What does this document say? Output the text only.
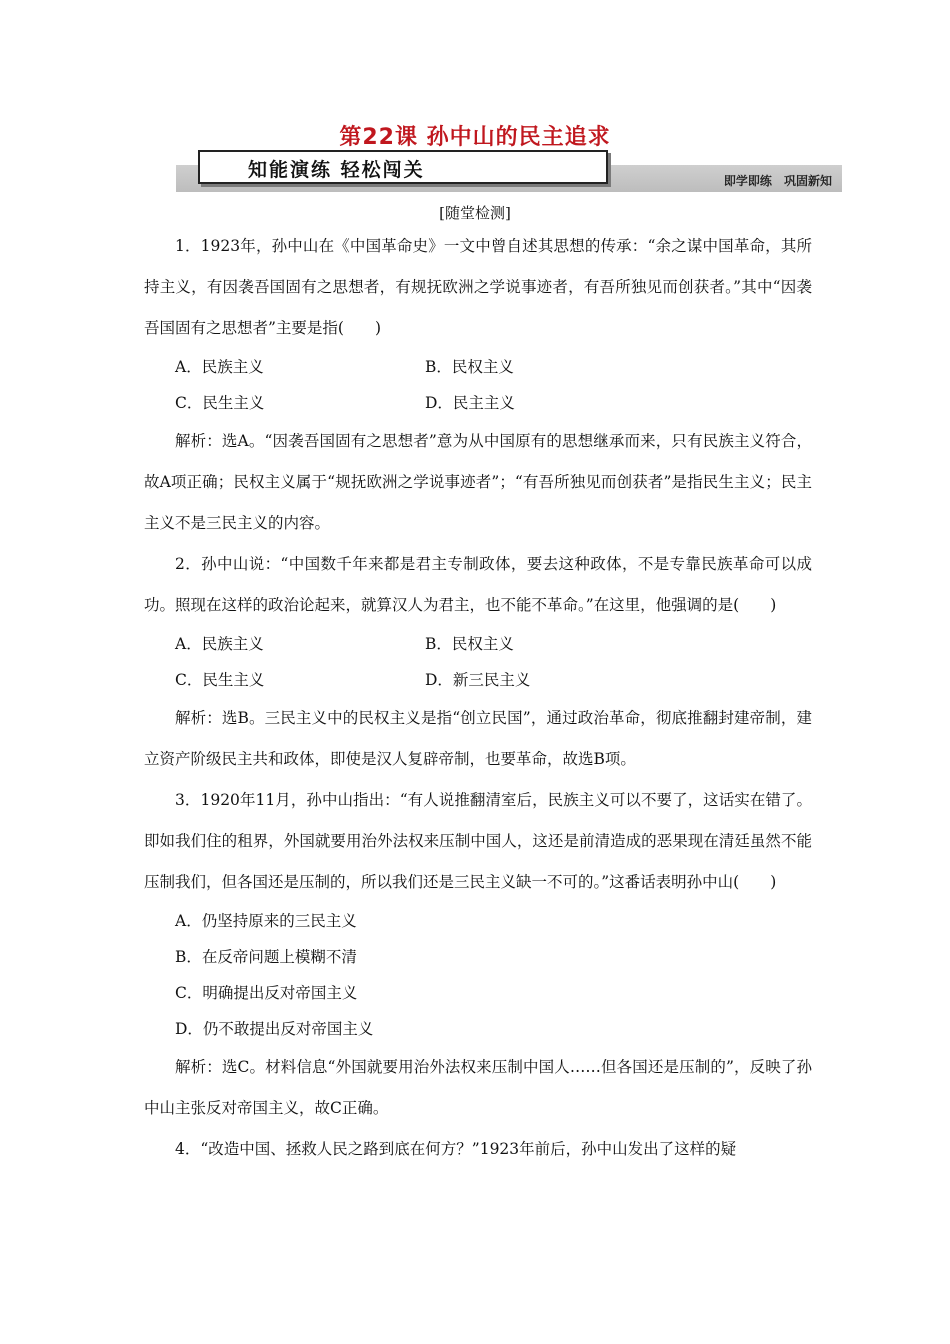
第22课 孙中山的民主追求
知能演练 轻松闯关	即学即练 巩固新知
[随堂检测]

1．1923年，孙中山在《中国革命史》一文中曾自述其思想的传承：“余之谋中国革命，其所持主义，有因袭吾国固有之思想者，有规抚欧洲之学说事迹者，有吾所独见而创获者。”其中“因袭吾国固有之思想者”主要是指(　　)

A．民族主义	B．民权主义
C．民生主义	D．民主主义

解析：选A。“因袭吾国固有之思想者”意为从中国原有的思想继承而来，只有民族主义符合，故A项正确；民权主义属于“规抚欧洲之学说事迹者”；“有吾所独见而创获者”是指民生主义；民主主义不是三民主义的内容。

2．孙中山说：“中国数千年来都是君主专制政体，要去这种政体，不是专靠民族革命可以成功。照现在这样的政治论起来，就算汉人为君主，也不能不革命。”在这里，他强调的是(　　)

A．民族主义	B．民权主义
C．民生主义	D．新三民主义

解析：选B。三民主义中的民权主义是指“创立民国”，通过政治革命，彻底推翻封建帝制，建立资产阶级民主共和政体，即使是汉人复辟帝制，也要革命，故选B项。

3．1920年11月，孙中山指出：“有人说推翻清室后，民族主义可以不要了，这话实在错了。即如我们住的租界，外国就要用治外法权来压制中国人，这还是前清造成的恶果现在清廷虽然不能压制我们，但各国还是压制的，所以我们还是三民主义缺一不可的。”这番话表明孙中山(　　)

A．仍坚持原来的三民主义

B．在反帝问题上模糊不清

C．明确提出反对帝国主义

D．仍不敢提出反对帝国主义

解析：选C。材料信息“外国就要用治外法权来压制中国人……但各国还是压制的”，反映了孙中山主张反对帝国主义，故C正确。

4．“改造中国、拯救人民之路到底在何方？”1923年前后，孙中山发出了这样的疑
